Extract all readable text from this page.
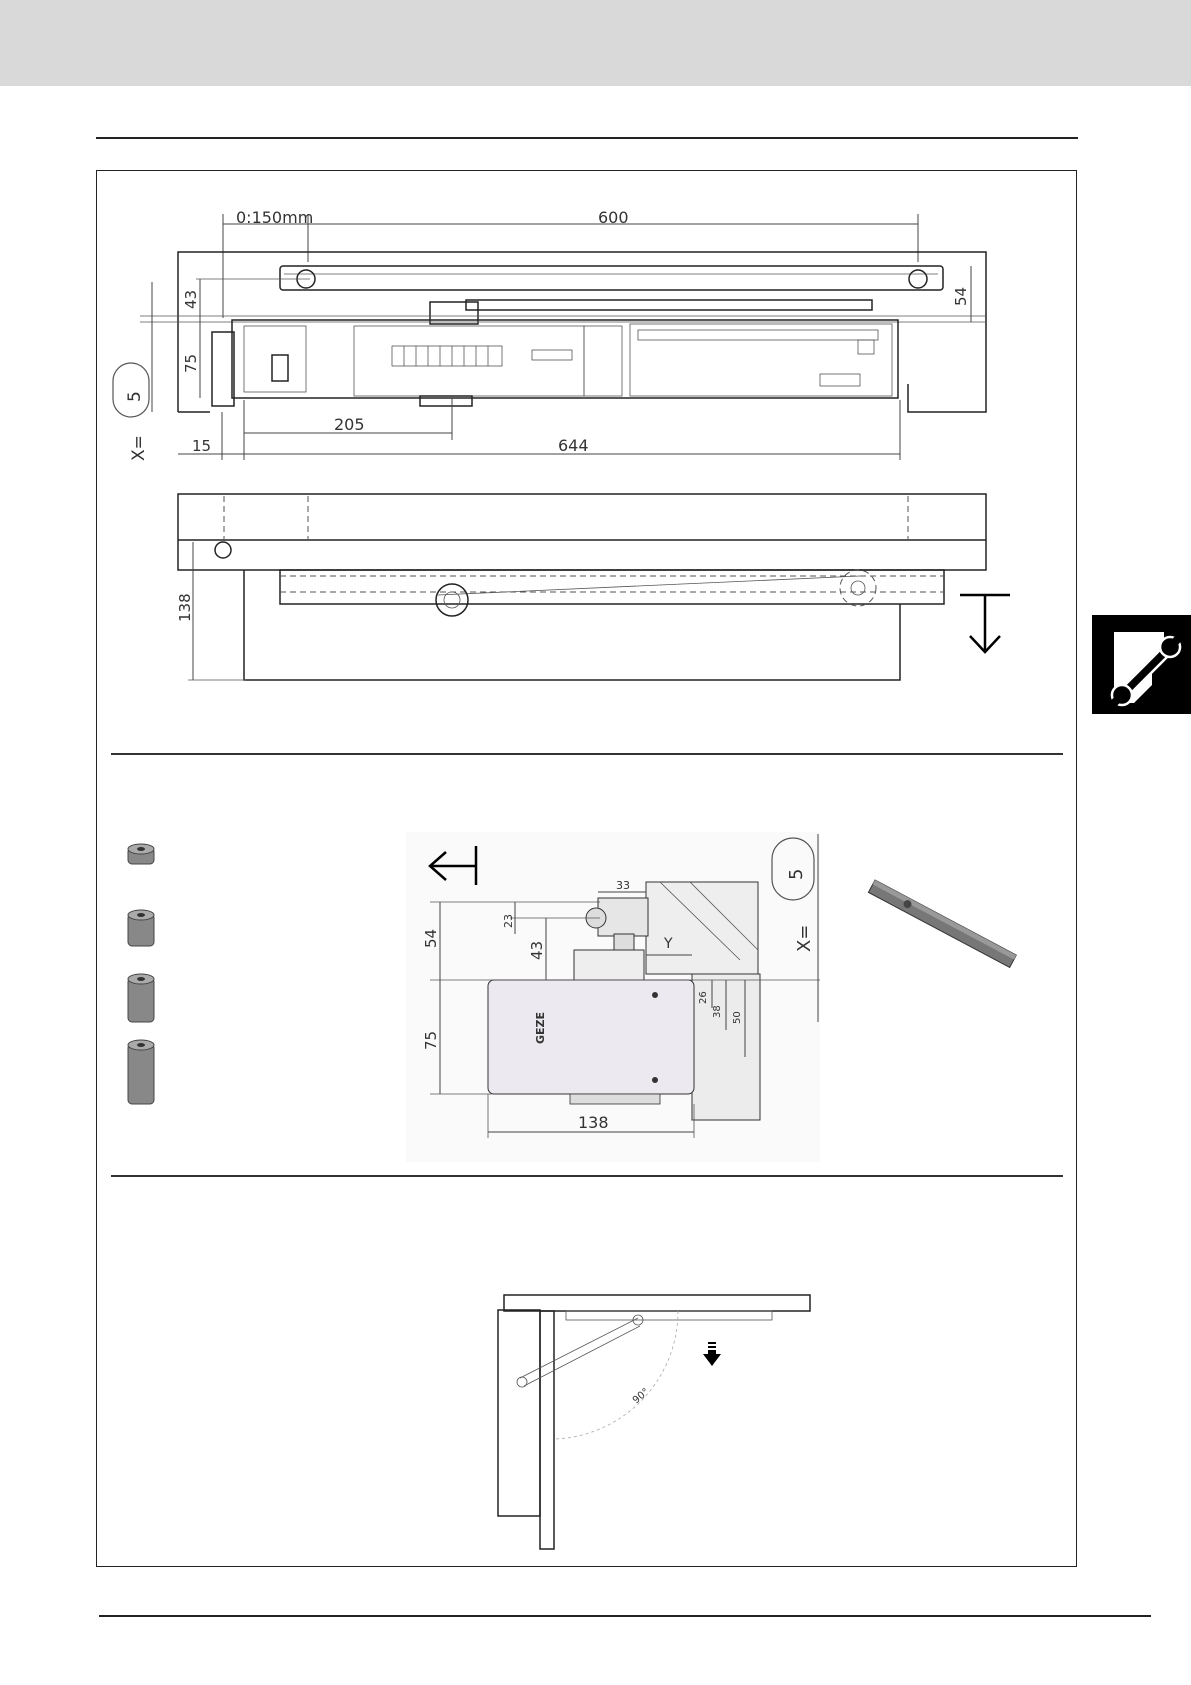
0:150mm	600
43
75
54
5
X=
205
15	644
138
GEZE
33
23
54
43
75
Y
26
38 50
138
5
X=
90°
